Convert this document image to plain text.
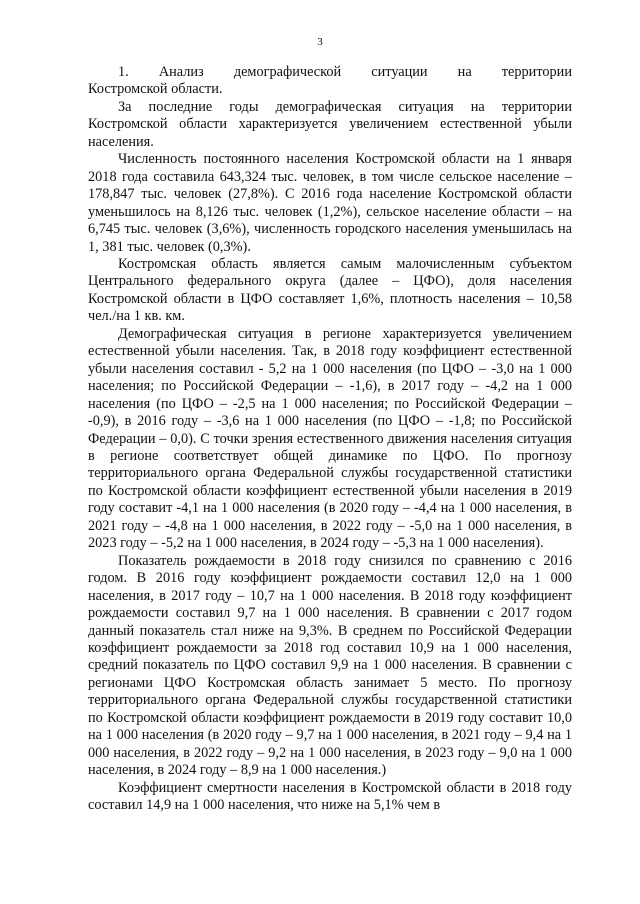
3

1. Анализ демографической ситуации на территории

Костромской области.

За последние годы демографическая ситуация на территории Костромской области характеризуется увеличением естественной убыли населения.

Численность постоянного населения Костромской области на 1 января 2018 года составила 643,324 тыс. человек, в том числе сельское население – 178,847 тыс. человек (27,8%). С 2016 года население Костромской области уменьшилось на 8,126 тыс. человек (1,2%), сельское население области – на 6,745 тыс. человек (3,6%), численность городского населения уменьшилась на 1, 381 тыс. человек (0,3%).

Костромская область является самым малочисленным субъектом Центрального федерального округа (далее – ЦФО), доля населения Костромской области в ЦФО составляет 1,6%, плотность населения – 10,58 чел./на 1 кв. км.

Демографическая ситуация в регионе характеризуется увеличением естественной убыли населения. Так, в 2018 году коэффициент естественной убыли населения составил - 5,2 на 1 000 населения (по ЦФО – -3,0 на 1 000 населения; по Российской Федерации – -1,6), в 2017 году – -4,2 на 1 000 населения (по ЦФО – -2,5 на 1 000 населения; по Российской Федерации – -0,9), в 2016 году – -3,6 на 1 000 населения (по ЦФО – -1,8; по Российской Федерации – 0,0). С точки зрения естественного движения населения ситуация в регионе соответствует общей динамике по ЦФО. По прогнозу территориального органа Федеральной службы государственной статистики по Костромской области коэффициент естественной убыли населения в 2019 году составит -4,1 на 1 000 населения (в 2020 году – -4,4 на 1 000 населения, в 2021 году – -4,8 на 1 000 населения, в 2022 году – -5,0 на 1 000 населения, в 2023 году – -5,2 на 1 000 населения, в 2024 году – -5,3 на 1 000 населения).

Показатель рождаемости в 2018 году снизился по сравнению с 2016 годом. В 2016 году коэффициент рождаемости составил 12,0 на 1 000 населения, в 2017 году – 10,7 на 1 000 населения. В 2018 году коэффициент рождаемости составил 9,7 на 1 000 населения. В сравнении с 2017 годом данный показатель стал ниже на 9,3%. В среднем по Российской Федерации коэффициент рождаемости за 2018 год составил 10,9 на 1 000 населения, средний показатель по ЦФО составил 9,9 на 1 000 населения. В сравнении с регионами ЦФО Костромская область занимает 5 место. По прогнозу территориального органа Федеральной службы государственной статистики по Костромской области коэффициент рождаемости в 2019 году составит 10,0 на 1 000 населения (в 2020 году – 9,7 на 1 000 населения, в 2021 году – 9,4 на 1 000 населения, в 2022 году – 9,2 на 1 000 населения, в 2023 году – 9,0 на 1 000 населения, в 2024 году – 8,9 на 1 000 населения.)

Коэффициент смертности населения в Костромской области в 2018 году составил 14,9 на 1 000 населения, что ниже на 5,1% чем в
